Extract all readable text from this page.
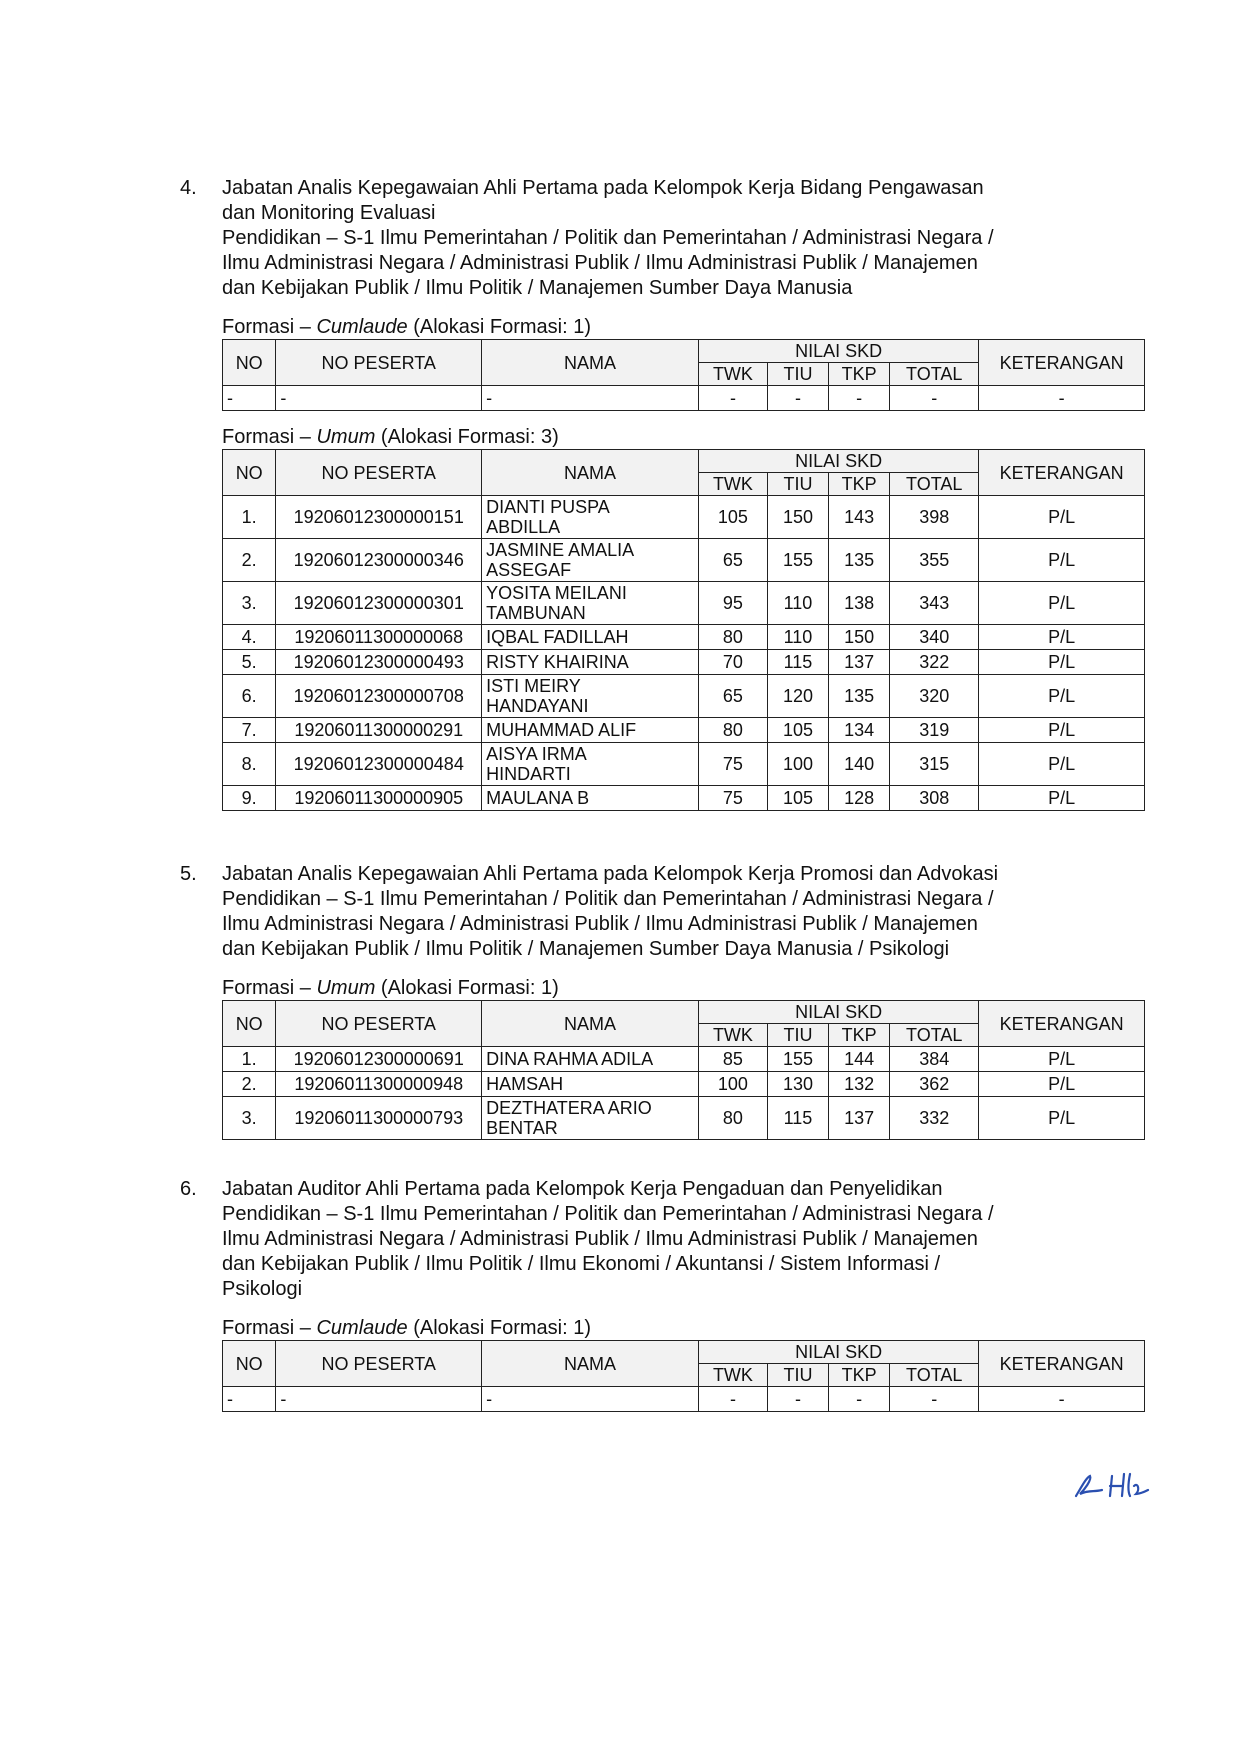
4.	Jabatan Analis Kepegawaian Ahli Pertama pada Kelompok Kerja Bidang Pengawasan
dan Monitoring Evaluasi
Pendidikan – S-1 Ilmu Pemerintahan / Politik dan Pemerintahan / Administrasi Negara /
Ilmu Administrasi Negara / Administrasi Publik / Ilmu Administrasi Publik / Manajemen
dan Kebijakan Publik / Ilmu Politik / Manajemen Sumber Daya Manusia
Formasi – Cumlaude (Alokasi Formasi: 1)
NO	NO PESERTA	NAMA	NILAI SKD				KETERANGAN
			TWK	TIU	TKP	TOTAL	
-	-	-	-	-	-	-	-
Formasi – Umum (Alokasi Formasi: 3)
NO	NO PESERTA	NAMA	NILAI SKD				KETERANGAN
			TWK	TIU	TKP	TOTAL	
1.	19206012300000151	DIANTI PUSPA
ABDILLA	105	150	143	398	P/L
2.	19206012300000346	JASMINE AMALIA
ASSEGAF	65	155	135	355	P/L
3.	19206012300000301	YOSITA MEILANI
TAMBUNAN	95	110	138	343	P/L
4.	19206011300000068	IQBAL FADILLAH	80	110	150	340	P/L
5.	19206012300000493	RISTY KHAIRINA	70	115	137	322	P/L
6.	19206012300000708	ISTI MEIRY
HANDAYANI	65	120	135	320	P/L
7.	19206011300000291	MUHAMMAD ALIF	80	105	134	319	P/L
8.	19206012300000484	AISYA IRMA
HINDARTI	75	100	140	315	P/L
9.	19206011300000905	MAULANA B	75	105	128	308	P/L
5.	Jabatan Analis Kepegawaian Ahli Pertama pada Kelompok Kerja Promosi dan Advokasi
Pendidikan – S-1 Ilmu Pemerintahan / Politik dan Pemerintahan / Administrasi Negara /
Ilmu Administrasi Negara / Administrasi Publik / Ilmu Administrasi Publik / Manajemen
dan Kebijakan Publik / Ilmu Politik / Manajemen Sumber Daya Manusia / Psikologi
Formasi – Umum (Alokasi Formasi: 1)
NO	NO PESERTA	NAMA	NILAI SKD				KETERANGAN
			TWK	TIU	TKP	TOTAL	
1.	19206012300000691	DINA RAHMA ADILA	85	155	144	384	P/L
2.	19206011300000948	HAMSAH	100	130	132	362	P/L
3.	19206011300000793	DEZTHATERA ARIO
BENTAR	80	115	137	332	P/L
6.	Jabatan Auditor Ahli Pertama pada Kelompok Kerja Pengaduan dan Penyelidikan
Pendidikan – S-1 Ilmu Pemerintahan / Politik dan Pemerintahan / Administrasi Negara /
Ilmu Administrasi Negara / Administrasi Publik / Ilmu Administrasi Publik / Manajemen
dan Kebijakan Publik / Ilmu Politik / Ilmu Ekonomi / Akuntansi / Sistem Informasi /
Psikologi
Formasi – Cumlaude (Alokasi Formasi: 1)
NO	NO PESERTA	NAMA	NILAI SKD				KETERANGAN
			TWK	TIU	TKP	TOTAL	
-	-	-	-	-	-	-	-
